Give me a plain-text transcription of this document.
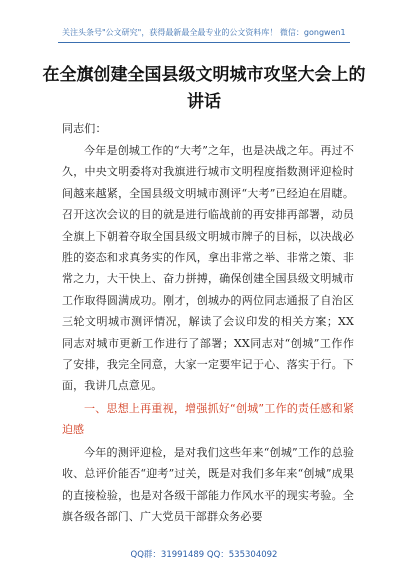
关注头条号"公文研究"，获得最新最全最专业的公文资料库！ 微信：gongwen1
在全旗创建全国县级文明城市攻坚大会上的讲话
同志们：
今年是创城工作的“大考”之年，也是决战之年。再过不久，中央文明委将对我旗进行城市文明程度指数测评迎检时间越来越紧，全国县级文明城市测评“大考”已经迫在眉睫。召开这次会议的目的就是进行临战前的再安排再部署，动员全旗上下朝着夺取全国县级文明城市牌子的目标，以决战必胜的姿态和求真务实的作风，拿出非常之举、非常之策、非常之力，大干快上、奋力拼搏，确保创建全国县级文明城市工作取得圆满成功。刚才，创城办的两位同志通报了自治区三轮文明城市测评情况，解读了会议印发的相关方案；XX同志对城市更新工作进行了部署；XX同志对“创城”工作作了安排，我完全同意，大家一定要牢记于心、落实于行。下面，我讲几点意见。
一、思想上再重视，增强抓好“创城”工作的责任感和紧迫感
今年的测评迎检，是对我们这些年来“创城”工作的总验收、总评价能否“迎考”过关，既是对我们多年来“创城”成果的直接检验，也是对各级干部能力作风水平的现实考验。全旗各级各部门、广大党员干部群众务必要
QQ群：31991489 QQ：535304092
